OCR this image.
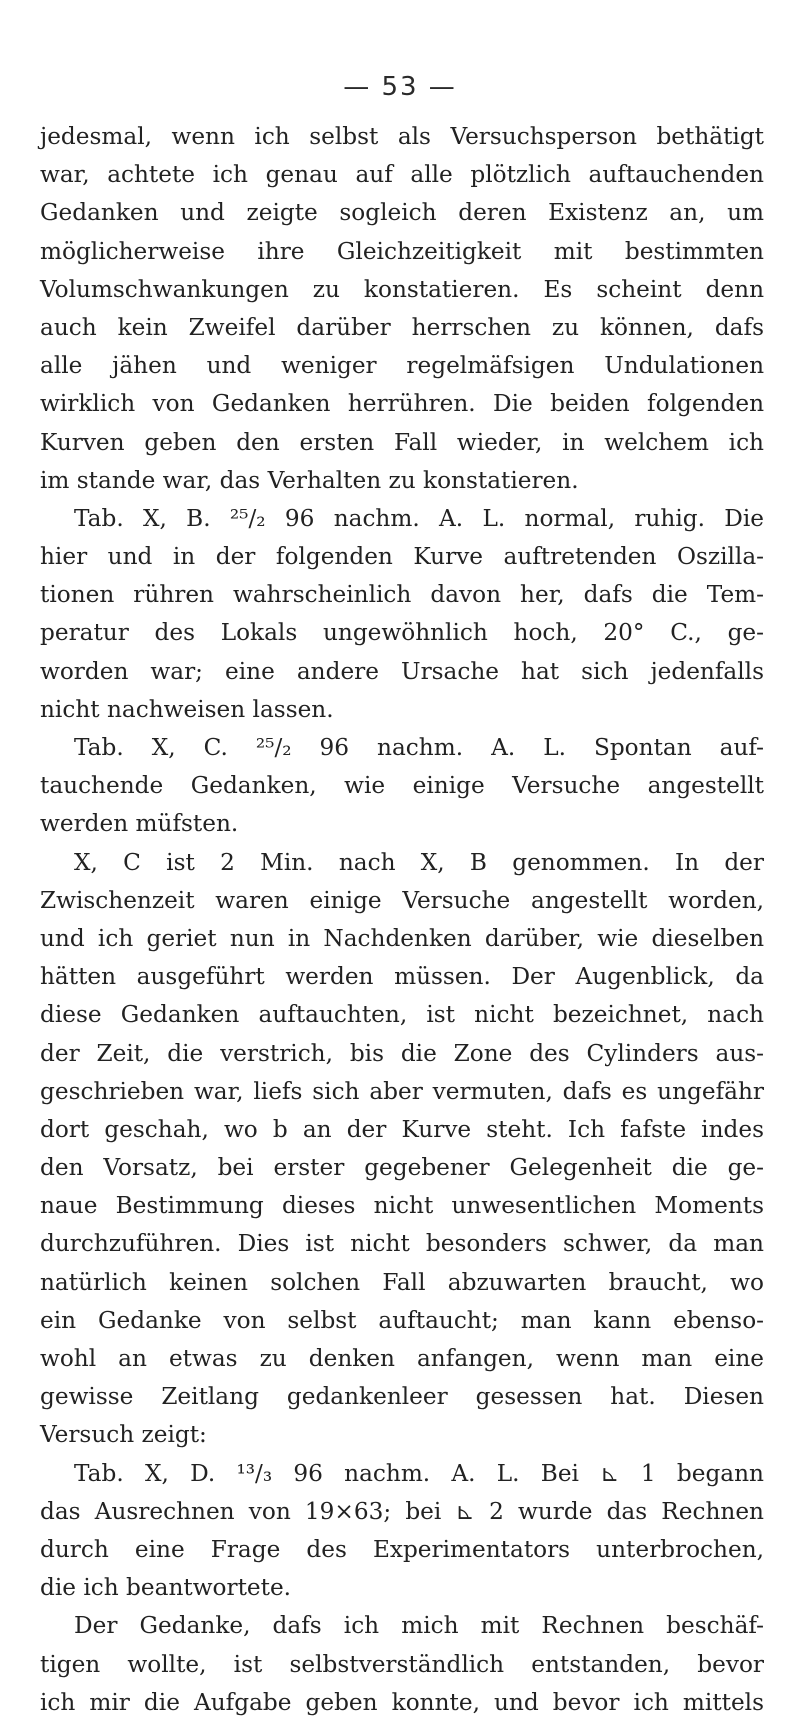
— 53 —
jedesmal, wenn ich selbst als Versuchsperson bethätigt
war, achtete ich genau auf alle plötzlich auftauchenden
Gedanken und zeigte sogleich deren Existenz an, um
möglicherweise ihre Gleichzeitigkeit mit bestimmten
Volumschwankungen zu konstatieren. Es scheint denn
auch kein Zweifel darüber herrschen zu können, dafs
alle jähen und weniger regelmäfsigen Undulationen
wirklich von Gedanken herrühren. Die beiden folgenden
Kurven geben den ersten Fall wieder, in welchem ich
im stande war, das Verhalten zu konstatieren.
Tab. X, B. ²⁵/₂ 96 nachm. A. L. normal, ruhig. Die
hier und in der folgenden Kurve auftretenden Oszilla-
tionen rühren wahrscheinlich davon her, dafs die Tem-
peratur des Lokals ungewöhnlich hoch, 20° C., ge-
worden war; eine andere Ursache hat sich jedenfalls
nicht nachweisen lassen.
Tab. X, C. ²⁵/₂ 96 nachm. A. L. Spontan auf-
tauchende Gedanken, wie einige Versuche angestellt
werden müfsten.
X, C ist 2 Min. nach X, B genommen. In der
Zwischenzeit waren einige Versuche angestellt worden,
und ich geriet nun in Nachdenken darüber, wie dieselben
hätten ausgeführt werden müssen. Der Augenblick, da
diese Gedanken auftauchten, ist nicht bezeichnet, nach
der Zeit, die verstrich, bis die Zone des Cylinders aus-
geschrieben war, liefs sich aber vermuten, dafs es ungefähr
dort geschah, wo b an der Kurve steht. Ich fafste indes
den Vorsatz, bei erster gegebener Gelegenheit die ge-
naue Bestimmung dieses nicht unwesentlichen Moments
durchzuführen. Dies ist nicht besonders schwer, da man
natürlich keinen solchen Fall abzuwarten braucht, wo
ein Gedanke von selbst auftaucht; man kann ebenso-
wohl an etwas zu denken anfangen, wenn man eine
gewisse Zeitlang gedankenleer gesessen hat. Diesen
Versuch zeigt:
Tab. X, D. ¹³/₃ 96 nachm. A. L. Bei ⊾ 1 begann
das Ausrechnen von 19×63; bei ⊾ 2 wurde das Rechnen
durch eine Frage des Experimentators unterbrochen,
die ich beantwortete.
Der Gedanke, dafs ich mich mit Rechnen beschäf-
tigen wollte, ist selbstverständlich entstanden, bevor
ich mir die Aufgabe geben konnte, und bevor ich mittels
